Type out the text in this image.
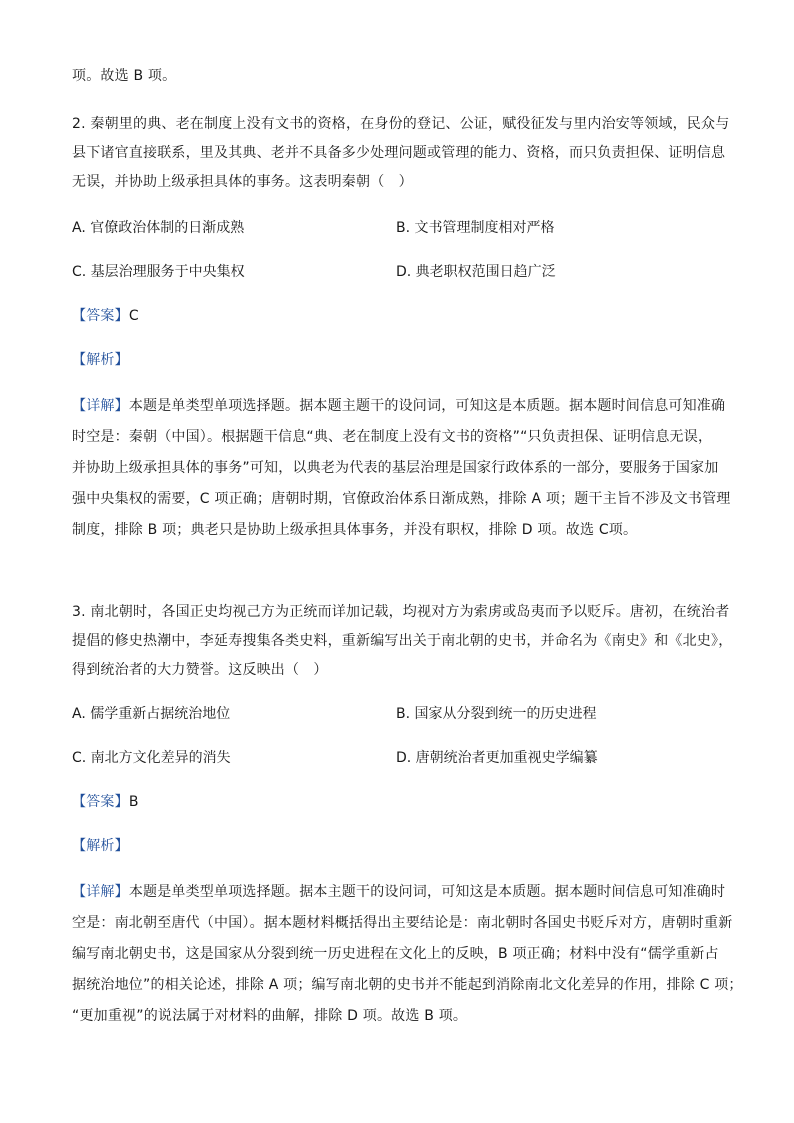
项。故选 B 项。
2. 秦朝里的典、老在制度上没有文书的资格，在身份的登记、公证，赋役征发与里内治安等领域，民众与
县下诸官直接联系，里及其典、老并不具备多少处理问题或管理的能力、资格，而只负责担保、证明信息
无误，并协助上级承担具体的事务。这表明秦朝（　）
A. 官僚政治体制的日渐成熟	B. 文书管理制度相对严格
C. 基层治理服务于中央集权	D. 典老职权范围日趋广泛
【答案】C
【解析】
【详解】本题是单类型单项选择题。据本题主题干的设问词，可知这是本质题。据本题时间信息可知准确
时空是：秦朝（中国）。根据题干信息“典、老在制度上没有文书的资格”“只负责担保、证明信息无误，
并协助上级承担具体的事务”可知，以典老为代表的基层治理是国家行政体系的一部分，要服务于国家加
强中央集权的需要，C 项正确；唐朝时期，官僚政治体系日渐成熟，排除 A 项；题干主旨不涉及文书管理
制度，排除 B 项；典老只是协助上级承担具体事务，并没有职权，排除 D 项。故选 C项。
3. 南北朝时，各国正史均视己方为正统而详加记载，均视对方为索虏或岛夷而予以贬斥。唐初，在统治者
提倡的修史热潮中，李延寿搜集各类史料，重新编写出关于南北朝的史书，并命名为《南史》和《北史》，
得到统治者的大力赞誉。这反映出（　）
A. 儒学重新占据统治地位	B. 国家从分裂到统一的历史进程
C. 南北方文化差异的消失	D. 唐朝统治者更加重视史学编纂
【答案】B
【解析】
【详解】本题是单类型单项选择题。据本主题干的设问词，可知这是本质题。据本题时间信息可知准确时
空是：南北朝至唐代（中国）。据本题材料概括得出主要结论是：南北朝时各国史书贬斥对方，唐朝时重新
编写南北朝史书，这是国家从分裂到统一历史进程在文化上的反映，B 项正确；材料中没有“儒学重新占
据统治地位”的相关论述，排除 A 项；编写南北朝的史书并不能起到消除南北文化差异的作用，排除 C 项；
“更加重视”的说法属于对材料的曲解，排除 D 项。故选 B 项。
